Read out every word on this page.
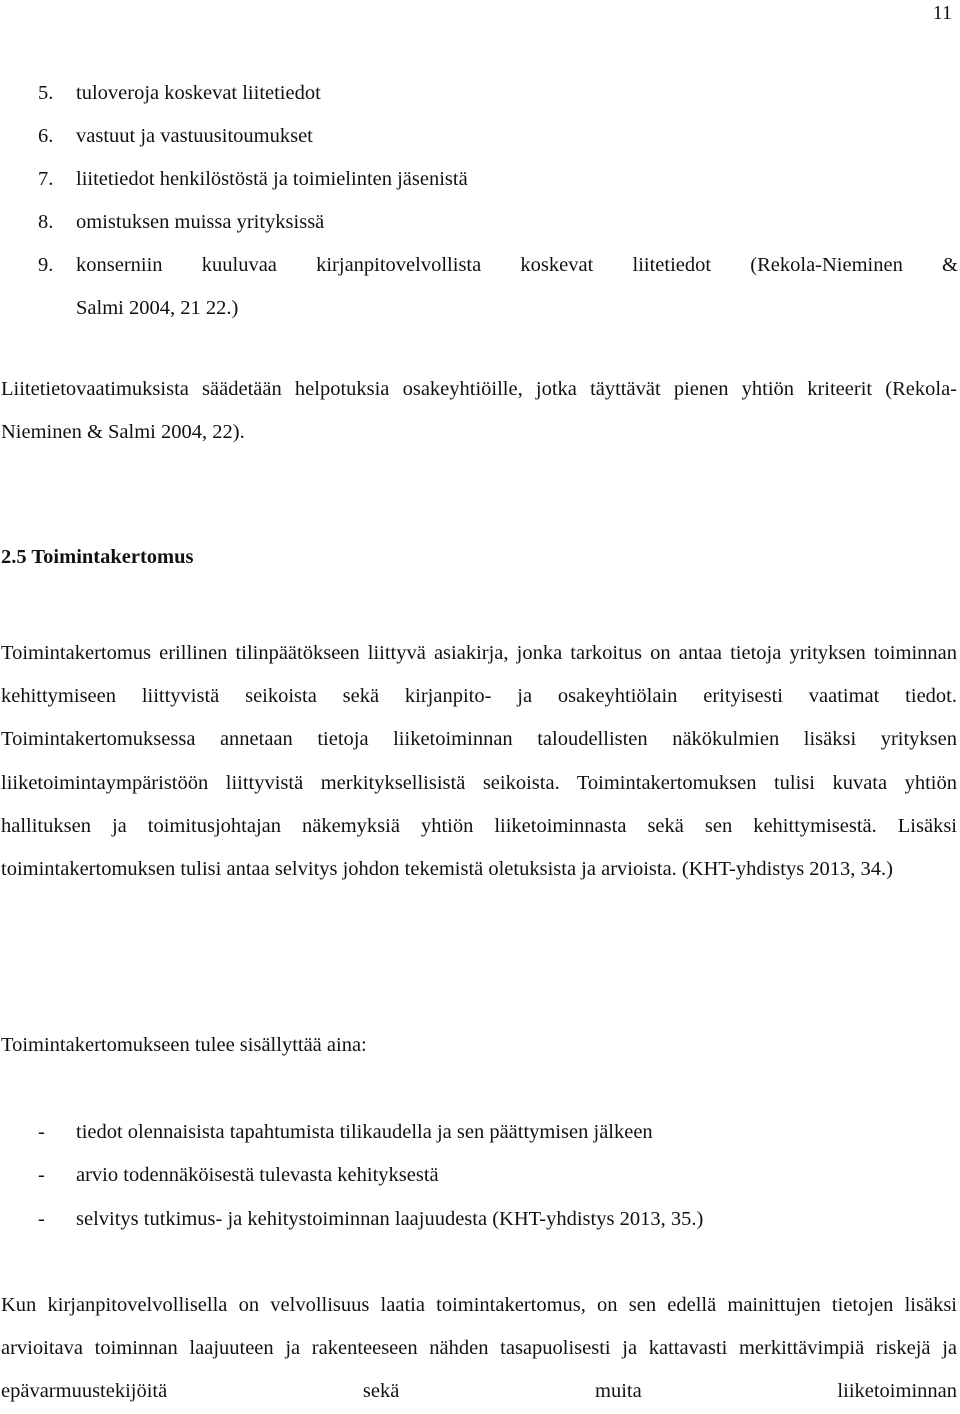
11
5.	tuloveroja koskevat liitetiedot
6.	vastuut ja vastuusitoumukset
7.	liitetiedot henkilöstöstä ja toimielinten jäsenistä
8.	omistuksen muissa yrityksissä
9.	konserniin kuuluvaa kirjanpitovelvollista koskevat liitetiedot (Rekola-Nieminen &
Salmi 2004, 21 22.)

Liitetietovaatimuksista säädetään helpotuksia osakeyhtiöille, jotka täyttävät pienen yhtiön kriteerit (Rekola-Nieminen & Salmi 2004, 22).

2.5 Toimintakertomus

Toimintakertomus erillinen tilinpäätökseen liittyvä asiakirja, jonka tarkoitus on antaa tietoja yrityksen toiminnan kehittymiseen liittyvistä seikoista sekä kirjanpito- ja osakeyhtiölain erityisesti vaatimat tiedot. Toimintakertomuksessa annetaan tietoja liiketoiminnan taloudellisten näkökulmien lisäksi yrityksen liiketoimintaympäristöön liittyvistä merkityksellisistä seikoista. Toimintakertomuksen tulisi kuvata yhtiön hallituksen ja toimitusjohtajan näkemyksiä yhtiön liiketoiminnasta sekä sen kehittymisestä. Lisäksi toimintakertomuksen tulisi antaa selvitys johdon tekemistä oletuksista ja arvioista. (KHT-yhdistys 2013, 34.)

Toimintakertomukseen tulee sisällyttää aina:

-	tiedot olennaisista tapahtumista tilikaudella ja sen päättymisen jälkeen
-	arvio todennäköisestä tulevasta kehityksestä
-	selvitys tutkimus- ja kehitystoiminnan laajuudesta (KHT-yhdistys 2013, 35.)

Kun kirjanpitovelvollisella on velvollisuus laatia toimintakertomus, on sen edellä mainittujen tietojen lisäksi arvioitava toiminnan laajuuteen ja rakenteeseen nähden tasapuolisesti ja kattavasti merkittävimpiä riskejä ja epävarmuustekijöitä sekä muita liiketoiminnan
